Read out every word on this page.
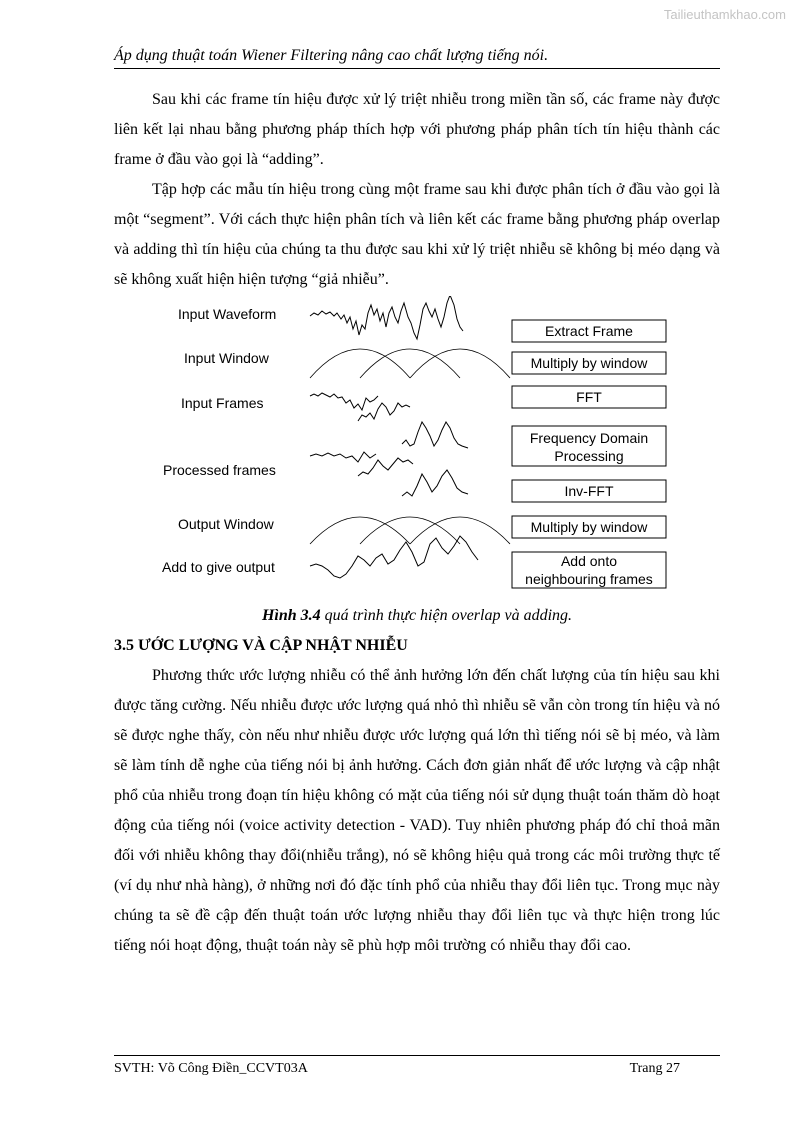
Tailieuthamkhao.com
Áp dụng thuật toán Wiener Filtering nâng cao chất lượng tiếng nói.

Sau khi các frame tín hiệu được xử lý triệt nhiễu trong miền tần số, các frame này được liên kết lại nhau bằng phương pháp thích hợp với phương pháp phân tích tín hiệu thành các frame ở đầu vào gọi là “adding”.

Tập hợp các mẫu tín hiệu trong cùng một frame sau khi được phân tích ở đầu vào gọi là một “segment”. Với cách thực hiện phân tích và liên kết các frame bằng phương pháp overlap và adding thì tín hiệu của chúng ta thu được sau khi xử lý triệt nhiễu sẽ không bị méo dạng và sẽ không xuất hiện hiện tượng “giả nhiễu”.

Input Waveform
Input Window
Input Frames
Processed frames
Output Window
Add to give output
Extract Frame
Multiply by window
FFT
Frequency Domain
Processing
Inv-FFT
Multiply by window
Add onto
neighbouring frames
Hình 3.4 quá trình thực hiện overlap và adding.
3.5 ƯỚC LƯỢNG VÀ CẬP NHẬT NHIỄU

Phương thức ước lượng nhiễu có thể ảnh hưởng lớn đến chất lượng của tín hiệu sau khi được tăng cường. Nếu nhiễu được ước lượng quá nhỏ thì nhiễu sẽ vẫn còn trong tín hiệu và nó sẽ được nghe thấy, còn nếu như nhiễu được ước lượng quá lớn thì tiếng nói sẽ bị méo, và làm sẽ làm tính dễ nghe của tiếng nói bị ảnh hưởng. Cách đơn giản nhất để ước lượng và cập nhật phổ của nhiễu trong đoạn tín hiệu không có mặt của tiếng nói sử dụng thuật toán thăm dò hoạt động của tiếng nói (voice activity detection - VAD). Tuy nhiên phương pháp đó chỉ thoả mãn đối với nhiễu không thay đổi(nhiễu trắng), nó sẽ không hiệu quả trong các môi trường thực tế (ví dụ như nhà hàng), ở những nơi đó đặc tính phổ của nhiễu thay đổi liên tục. Trong mục này chúng ta sẽ đề cập đến thuật toán ước lượng nhiễu thay đổi liên tục và thực hiện trong lúc tiếng nói hoạt động, thuật toán này sẽ phù hợp môi trường có nhiễu thay đổi cao.

SVTH: Võ Công Điền_CCVT03A	Trang 27
